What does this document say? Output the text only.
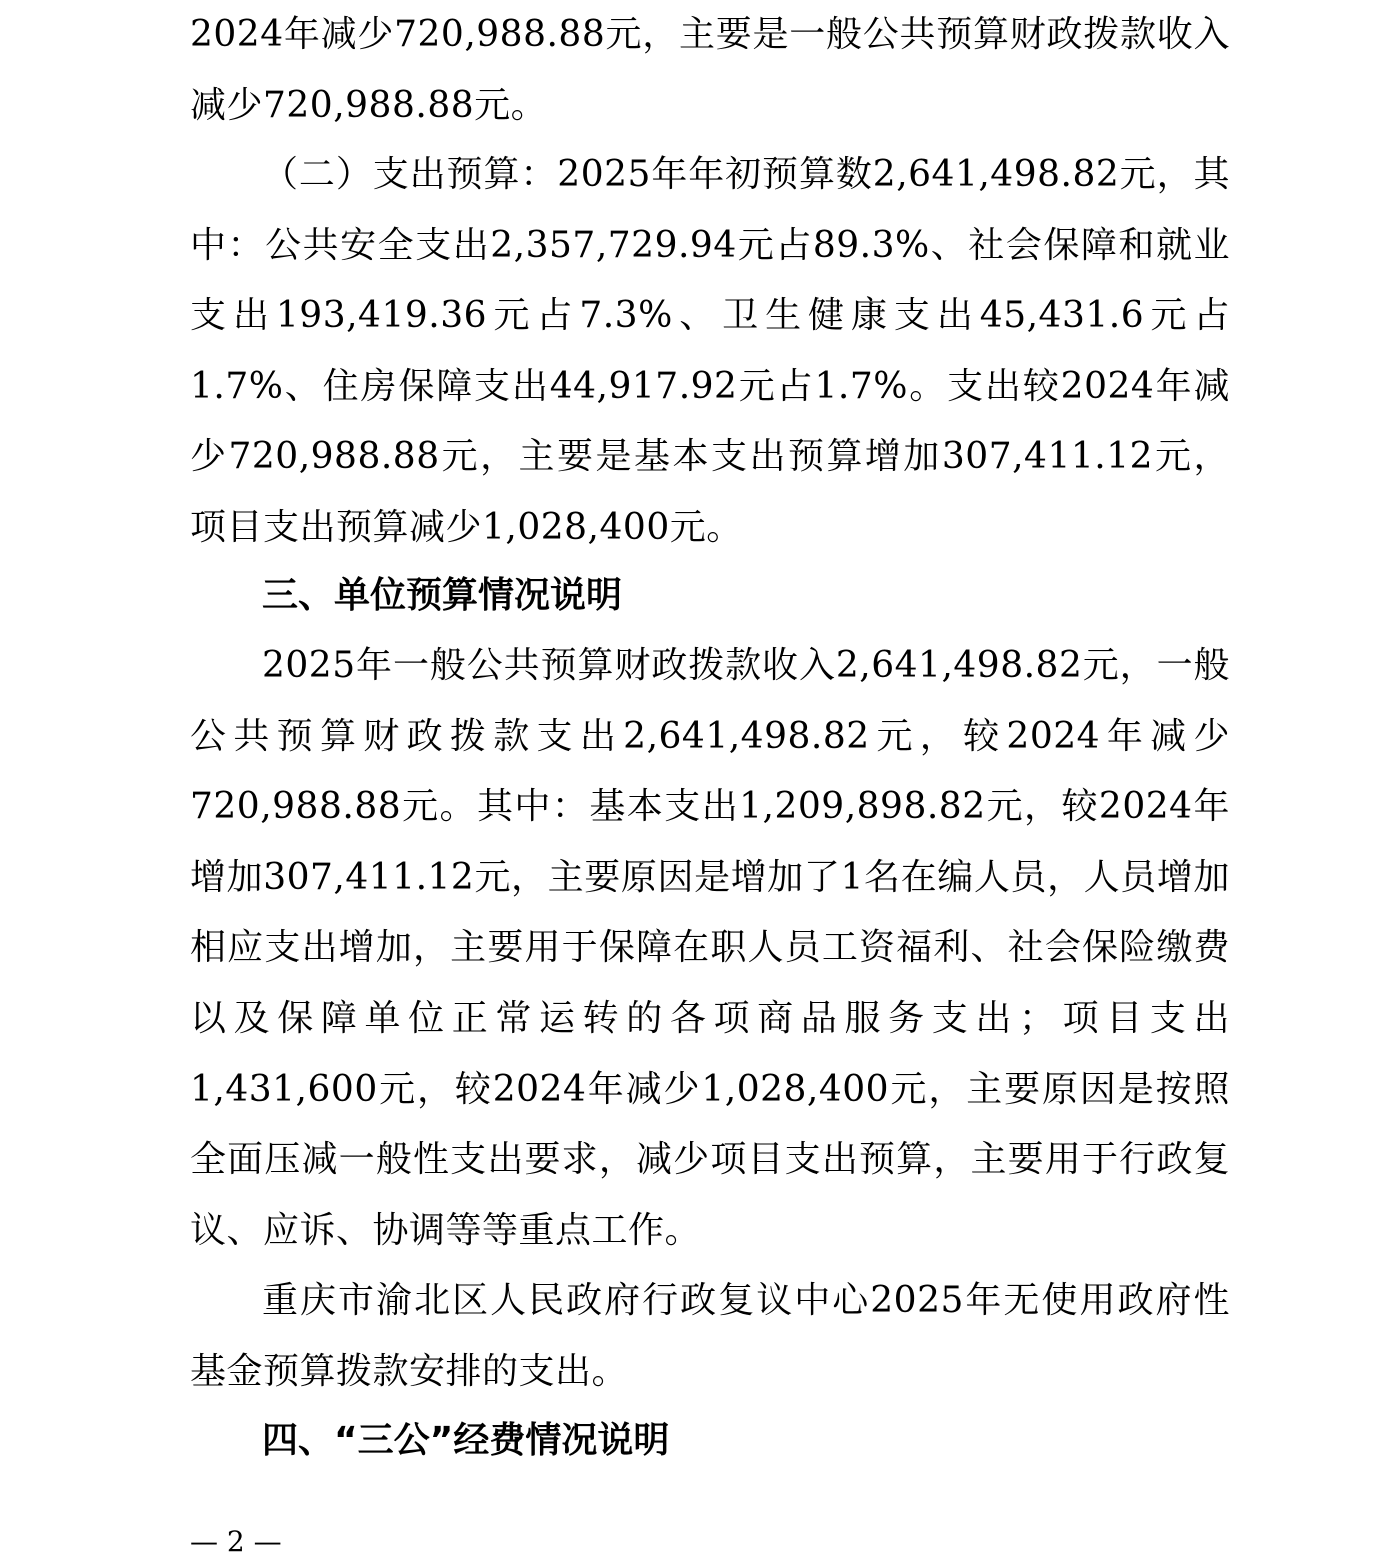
2024年减少720,988.88元，主要是一般公共预算财政拨款收入减少720,988.88元。

（二）支出预算：2025年年初预算数2,641,498.82元，其中：公共安全支出2,357,729.94元占89.3%、社会保障和就业支出193,419.36元占7.3%、卫生健康支出45,431.6元占1.7%、住房保障支出44,917.92元占1.7%。支出较2024年减少720,988.88元，主要是基本支出预算增加307,411.12元，项目支出预算减少1,028,400元。

三、单位预算情况说明

2025年一般公共预算财政拨款收入2,641,498.82元，一般公共预算财政拨款支出2,641,498.82元，较2024年减少720,988.88元。其中：基本支出1,209,898.82元，较2024年增加307,411.12元，主要原因是增加了1名在编人员，人员增加相应支出增加，主要用于保障在职人员工资福利、社会保险缴费以及保障单位正常运转的各项商品服务支出；项目支出1,431,600元，较2024年减少1,028,400元，主要原因是按照全面压减一般性支出要求，减少项目支出预算，主要用于行政复议、应诉、协调等等重点工作。

重庆市渝北区人民政府行政复议中心2025年无使用政府性基金预算拨款安排的支出。

四、“三公”经费情况说明

— 2 —
